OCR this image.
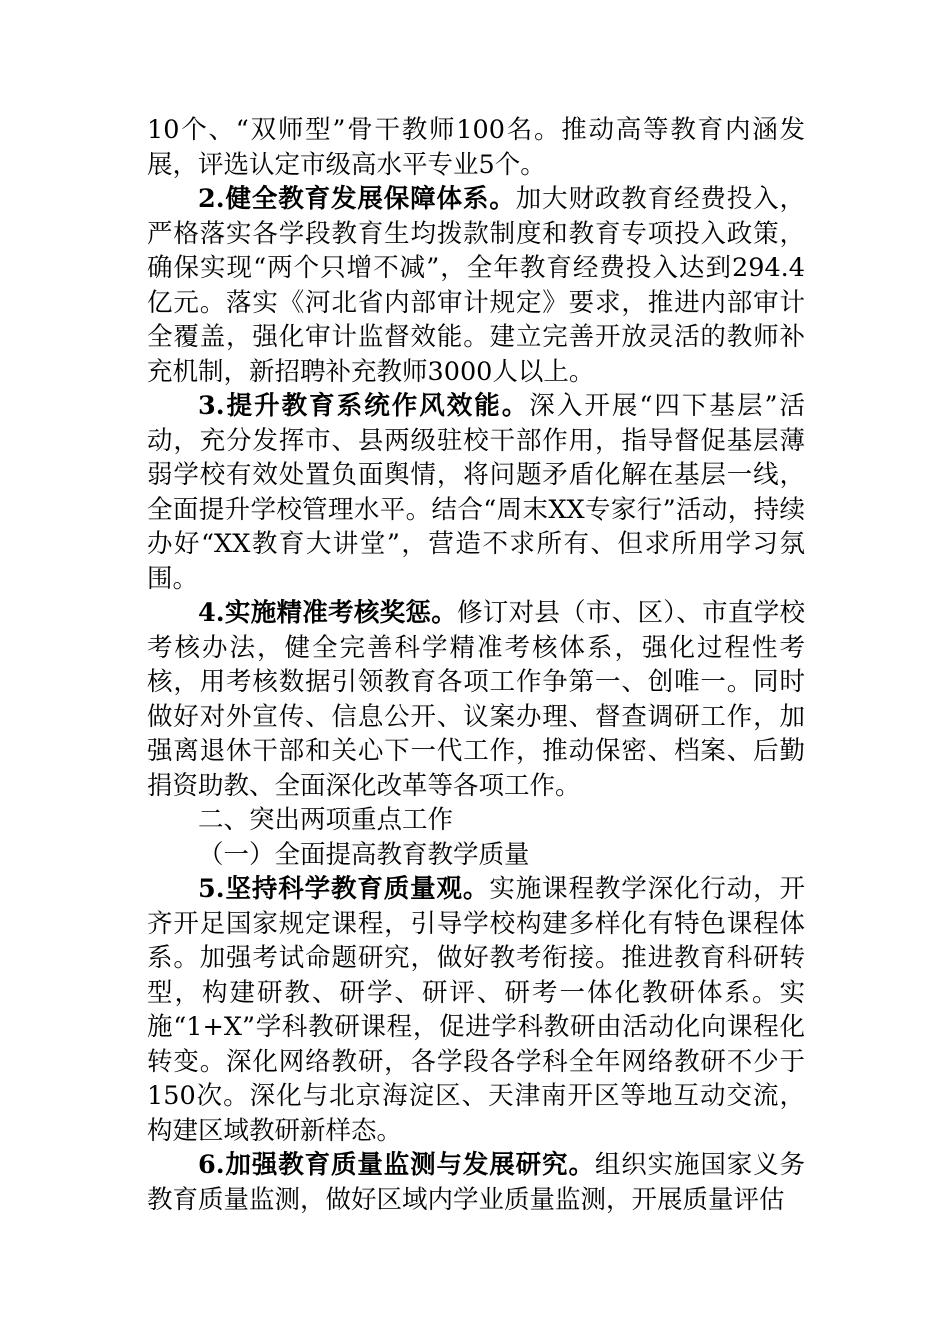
10个、“双师型”骨干教师100名。推动高等教育内涵发展，评选认定市级高水平专业5个。

2.健全教育发展保障体系。加大财政教育经费投入，严格落实各学段教育生均拨款制度和教育专项投入政策，确保实现“两个只增不减”，全年教育经费投入达到294.4亿元。落实《河北省内部审计规定》要求，推进内部审计全覆盖，强化审计监督效能。建立完善开放灵活的教师补充机制，新招聘补充教师3000人以上。

3.提升教育系统作风效能。深入开展“四下基层”活动，充分发挥市、县两级驻校干部作用，指导督促基层薄弱学校有效处置负面舆情，将问题矛盾化解在基层一线，全面提升学校管理水平。结合“周末XX专家行”活动，持续办好“XX教育大讲堂”，营造不求所有、但求所用学习氛围。

4.实施精准考核奖惩。修订对县（市、区）、市直学校考核办法，健全完善科学精准考核体系，强化过程性考核，用考核数据引领教育各项工作争第一、创唯一。同时做好对外宣传、信息公开、议案办理、督查调研工作，加强离退休干部和关心下一代工作，推动保密、档案、后勤捐资助教、全面深化改革等各项工作。

二、突出两项重点工作

（一）全面提高教育教学质量

5.坚持科学教育质量观。实施课程教学深化行动，开齐开足国家规定课程，引导学校构建多样化有特色课程体系。加强考试命题研究，做好教考衔接。推进教育科研转型，构建研教、研学、研评、研考一体化教研体系。实施“1+X”学科教研课程，促进学科教研由活动化向课程化转变。深化网络教研，各学段各学科全年网络教研不少于150次。深化与北京海淀区、天津南开区等地互动交流，构建区域教研新样态。

6.加强教育质量监测与发展研究。组织实施国家义务教育质量监测，做好区域内学业质量监测，开展质量评估
